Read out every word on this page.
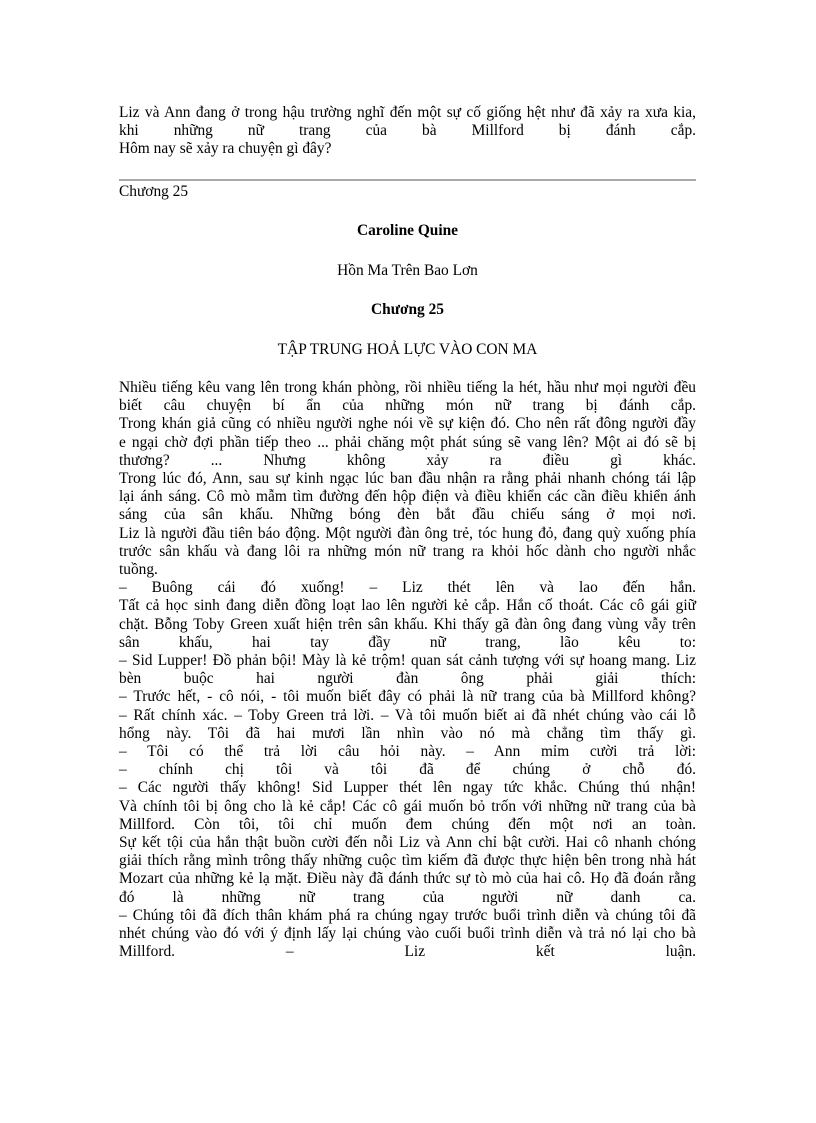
Liz và Ann đang ở trong hậu trường nghĩ đến một sự cố giống hệt như đã xảy ra xưa kia,

khi những nữ trang của bà Millford bị đánh cắp.

Hôm nay sẽ xảy ra chuyện gì đây?

Chương 25
Caroline Quine
Hồn Ma Trên Bao Lơn
Chương 25
TẬP TRUNG HOẢ LỰC VÀO CON MA

Nhiều tiếng kêu vang lên trong khán phòng, rồi nhiều tiếng la hét, hầu như mọi người đều

biết câu chuyện bí ẩn của những món nữ trang bị đánh cắp.

Trong khán giả cũng có nhiều người nghe nói về sự kiện đó. Cho nên rất đông người đầy

e ngại chờ đợi phần tiếp theo ... phải chăng một phát súng sẽ vang lên? Một ai đó sẽ bị

thương? ... Nhưng không xảy ra điều gì khác.

Trong lúc đó, Ann, sau sự kinh ngạc lúc ban đầu nhận ra rằng phải nhanh chóng tái lập

lại ánh sáng. Cô mò mẫm tìm đường đến hộp điện và điều khiển các cần điều khiển ánh

sáng của sân khấu. Những bóng đèn bắt đầu chiếu sáng ở mọi nơi.

Liz là người đầu tiên báo động. Một người đàn ông trẻ, tóc hung đỏ, đang quỳ xuống phía

trước sân khấu và đang lôi ra những món nữ trang ra khỏi hốc dành cho người nhắc

tuồng.

– Buông cái đó xuống! – Liz thét lên và lao đến hắn.

Tất cả học sinh đang diễn đồng loạt lao lên người kẻ cắp. Hắn cố thoát. Các cô gái giữ

chặt. Bỗng Toby Green xuất hiện trên sân khấu. Khi thấy gã đàn ông đang vùng vẫy trên

sân khấu, hai tay đầy nữ trang, lão kêu to:

– Sid Lupper! Đồ phản bội! Mày là kẻ trộm! quan sát cảnh tượng với sự hoang mang. Liz

bèn buộc hai người đàn ông phải giải thích:

– Trước hết, - cô nói, - tôi muốn biết đây có phải là nữ trang của bà Millford không?

– Rất chính xác. – Toby Green trả lời. – Và tôi muốn biết ai đã nhét chúng vào cái lỗ

hổng này. Tôi đã hai mươi lần nhìn vào nó mà chẳng tìm thấy gì.

– Tôi có thể trả lời câu hỏi này. – Ann mỉm cười trả lời:

– chính chị tôi và tôi đã để chúng ở chỗ đó.

– Các người thấy không! Sid Lupper thét lên ngay tức khắc. Chúng thú nhận!

Và chính tôi bị ông cho là kẻ cắp! Các cô gái muốn bỏ trốn với những nữ trang của bà

Millford. Còn tôi, tôi chỉ muốn đem chúng đến một nơi an toàn.

Sự kết tội của hắn thật buồn cười đến nỗi Liz và Ann chỉ bật cười. Hai cô nhanh chóng

giải thích rằng mình trông thấy những cuộc tìm kiếm đã được thực hiện bên trong nhà hát

Mozart của những kẻ lạ mặt. Điều này đã đánh thức sự tò mò của hai cô. Họ đã đoán rằng

đó là những nữ trang của người nữ danh ca.

– Chúng tôi đã đích thân khám phá ra chúng ngay trước buổi trình diễn và chúng tôi đã

nhét chúng vào đó với ý định lấy lại chúng vào cuối buổi trình diễn và trả nó lại cho bà

Millford. – Liz kết luận.
